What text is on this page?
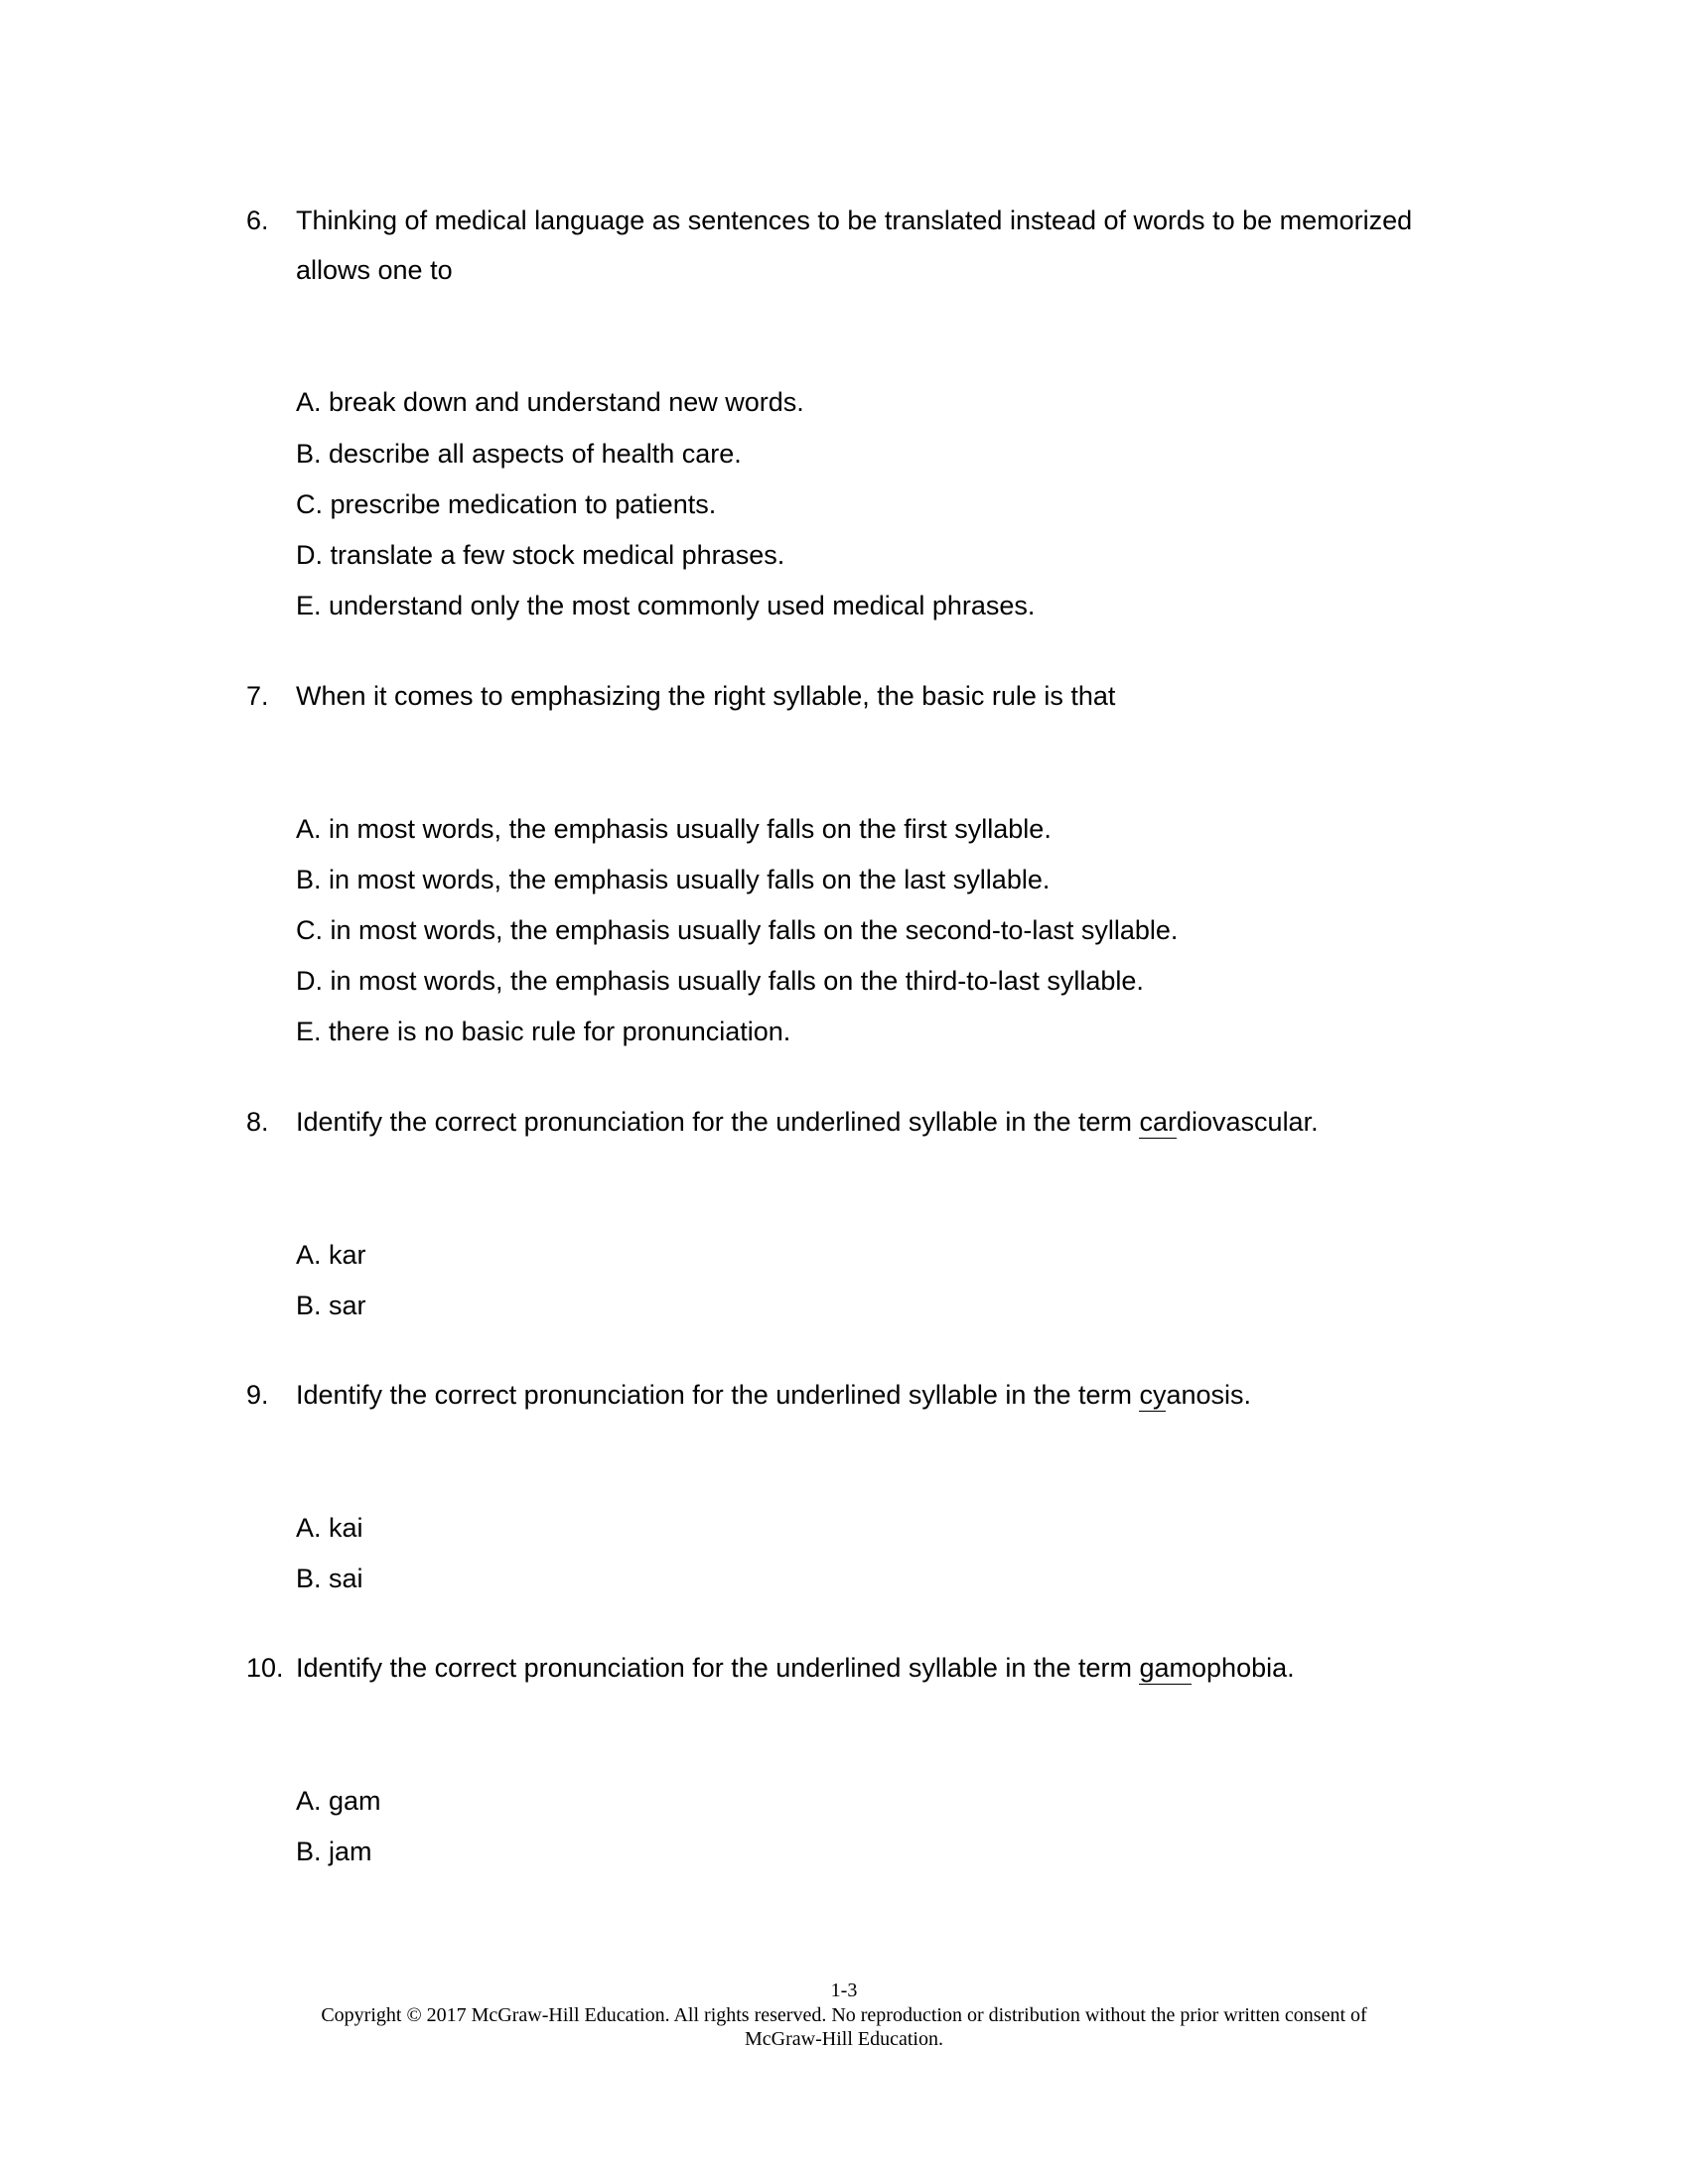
6. Thinking of medical language as sentences to be translated instead of words to be memorized allows one to
A. break down and understand new words.
B. describe all aspects of health care.
C. prescribe medication to patients.
D. translate a few stock medical phrases.
E. understand only the most commonly used medical phrases.
7. When it comes to emphasizing the right syllable, the basic rule is that
A. in most words, the emphasis usually falls on the first syllable.
B. in most words, the emphasis usually falls on the last syllable.
C. in most words, the emphasis usually falls on the second-to-last syllable.
D. in most words, the emphasis usually falls on the third-to-last syllable.
E. there is no basic rule for pronunciation.
8. Identify the correct pronunciation for the underlined syllable in the term cardiovascular.
A. kar
B. sar
9. Identify the correct pronunciation for the underlined syllable in the term cyanosis.
A. kai
B. sai
10. Identify the correct pronunciation for the underlined syllable in the term gamophobia.
A. gam
B. jam
1-3
Copyright © 2017 McGraw-Hill Education. All rights reserved. No reproduction or distribution without the prior written consent of
McGraw-Hill Education.
